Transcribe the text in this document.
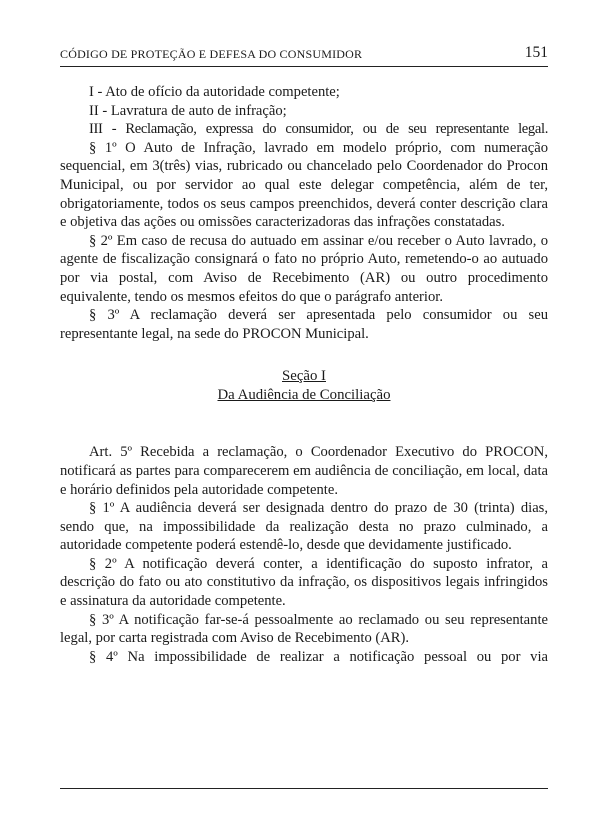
CÓDIGO DE PROTEÇÃO E DEFESA DO CONSUMIDOR	151

I - Ato de ofício da autoridade competente;

II - Lavratura de auto de infração;

III - Reclamação, expressa do consumidor, ou de seu representante legal.

§ 1º O Auto de Infração, lavrado em modelo próprio, com numeração sequencial, em 3(três) vias, rubricado ou chancelado pelo Coordenador do Procon Municipal, ou por servidor ao qual este delegar competência, além de ter, obrigatoriamente, todos os seus campos preenchidos, deverá conter descrição clara e objetiva das ações ou omissões caracterizadoras das infrações constatadas.

§ 2º Em caso de recusa do autuado em assinar e/ou receber o Auto lavrado, o agente de fiscalização consignará o fato no próprio Auto, remetendo-o ao autuado por via postal, com Aviso de Recebimento (AR) ou outro procedimento equivalente, tendo os mesmos efeitos do que o parágrafo anterior.

§ 3º A reclamação deverá ser apresentada pelo consumidor ou seu representante legal, na sede do PROCON Municipal.

Seção I
Da Audiência de Conciliação

Art. 5º Recebida a reclamação, o Coordenador Executivo do PROCON, notificará as partes para comparecerem em audiência de conciliação, em local, data e horário definidos pela autoridade competente.

§ 1º A audiência deverá ser designada dentro do prazo de 30 (trinta) dias, sendo que, na impossibilidade da realização desta no prazo culminado, a autoridade competente poderá estendê-lo, desde que devidamente justificado.

§ 2º A notificação deverá conter, a identificação do suposto infrator, a descrição do fato ou ato constitutivo da infração, os dispositivos legais infringidos e assinatura da autoridade competente.

§ 3º A notificação far-se-á pessoalmente ao reclamado ou seu representante legal, por carta registrada com Aviso de Recebimento (AR).

§ 4º Na impossibilidade de realizar a notificação pessoal ou por via
